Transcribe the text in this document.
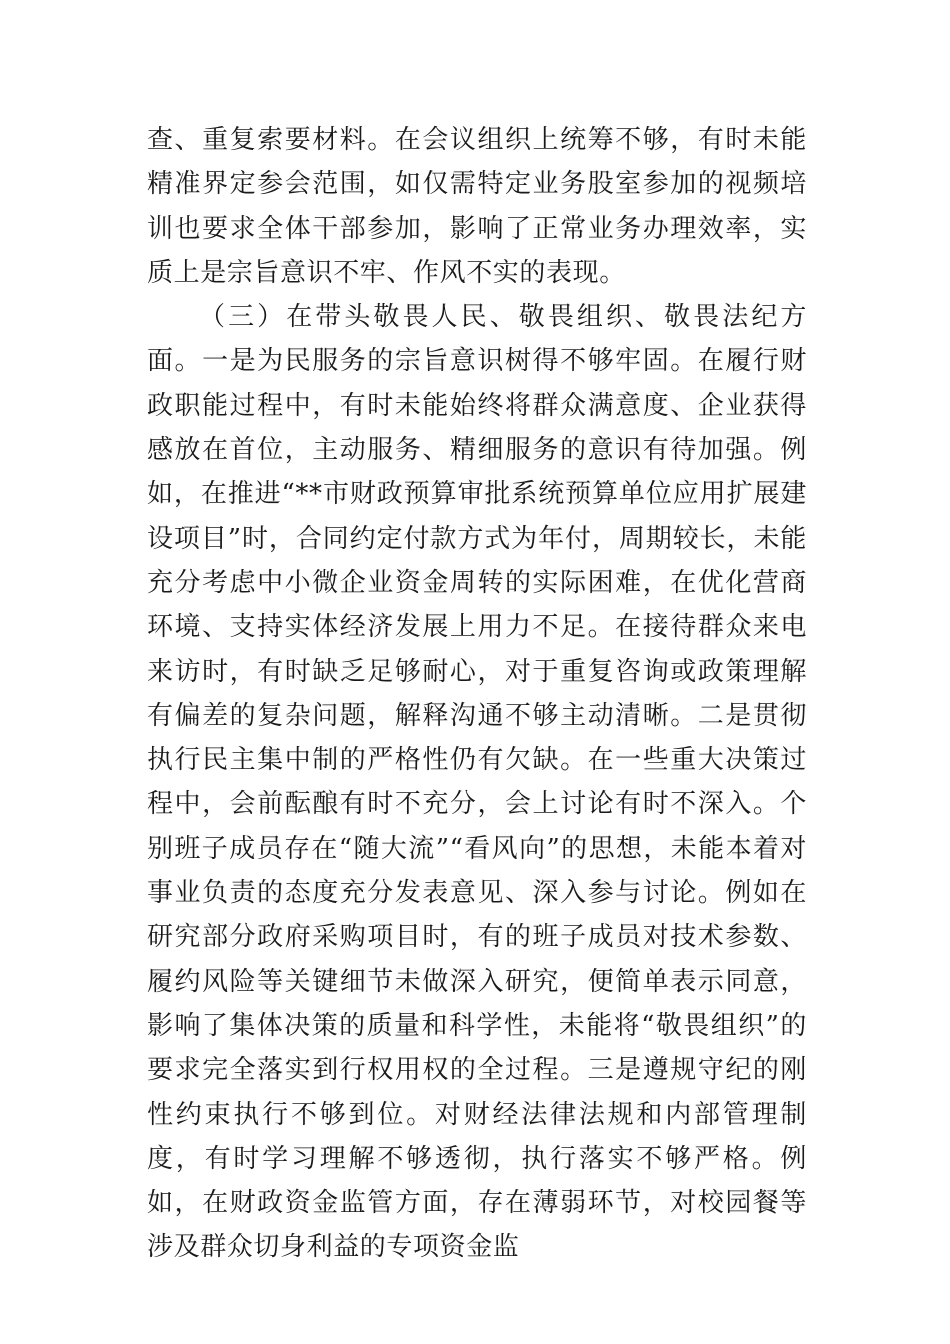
查、重复索要材料。在会议组织上统筹不够，有时未能精准界定参会范围，如仅需特定业务股室参加的视频培训也要求全体干部参加，影响了正常业务办理效率，实质上是宗旨意识不牢、作风不实的表现。

（三）在带头敬畏人民、敬畏组织、敬畏法纪方面。一是为民服务的宗旨意识树得不够牢固。在履行财政职能过程中，有时未能始终将群众满意度、企业获得感放在首位，主动服务、精细服务的意识有待加强。例如，在推进“**市财政预算审批系统预算单位应用扩展建设项目”时，合同约定付款方式为年付，周期较长，未能充分考虑中小微企业资金周转的实际困难，在优化营商环境、支持实体经济发展上用力不足。在接待群众来电来访时，有时缺乏足够耐心，对于重复咨询或政策理解有偏差的复杂问题，解释沟通不够主动清晰。二是贯彻执行民主集中制的严格性仍有欠缺。在一些重大决策过程中，会前酝酿有时不充分，会上讨论有时不深入。个别班子成员存在“随大流”“看风向”的思想，未能本着对事业负责的态度充分发表意见、深入参与讨论。例如在研究部分政府采购项目时，有的班子成员对技术参数、履约风险等关键细节未做深入研究，便简单表示同意，影响了集体决策的质量和科学性，未能将“敬畏组织”的要求完全落实到行权用权的全过程。三是遵规守纪的刚性约束执行不够到位。对财经法律法规和内部管理制度，有时学习理解不够透彻，执行落实不够严格。例如，在财政资金监管方面，存在薄弱环节，对校园餐等涉及群众切身利益的专项资金监
